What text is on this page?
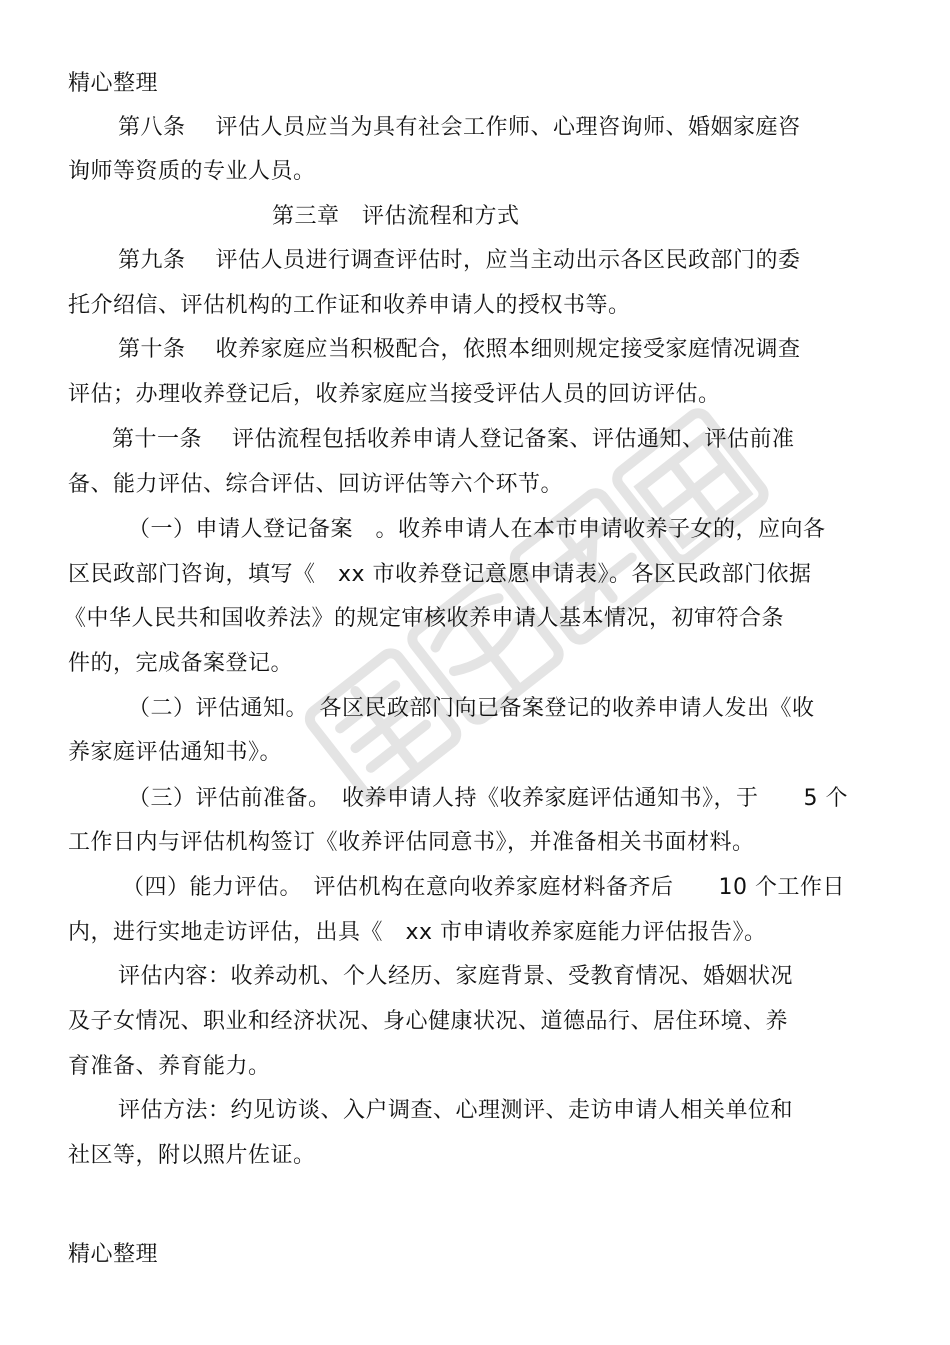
精心整理
第八条　 评估人员应当为具有社会工作师、心理咨询师、婚姻家庭咨
询师等资质的专业人员。
第三章　评估流程和方式
第九条　 评估人员进行调查评估时，应当主动出示各区民政部门的委
托介绍信、评估机构的工作证和收养申请人的授权书等。
第十条　 收养家庭应当积极配合，依照本细则规定接受家庭情况调查
评估；办理收养登记后，收养家庭应当接受评估人员的回访评估。
第十一条　 评估流程包括收养申请人登记备案、评估通知、评估前准
备、能力评估、综合评估、回访评估等六个环节。
（一）申请人登记备案　。收养申请人在本市申请收养子女的，应向各
区民政部门咨询，填写《　xx 市收养登记意愿申请表》。各区民政部门依据
《中华人民共和国收养法》的规定审核收养申请人基本情况，初审符合条
件的，完成备案登记。
（二）评估通知。　各区民政部门向已备案登记的收养申请人发出《收
养家庭评估通知书》。
（三）评估前准备。　收养申请人持《收养家庭评估通知书》，于　　5 个
工作日内与评估机构签订《收养评估同意书》，并准备相关书面材料。
（四）能力评估。　评估机构在意向收养家庭材料备齐后　　10 个工作日
内，进行实地走访评估，出具《　xx 市申请收养家庭能力评估报告》。
评估内容：收养动机、个人经历、家庭背景、受教育情况、婚姻状况
及子女情况、职业和经济状况、身心健康状况、道德品行、居住环境、养
育准备、养育能力。
评估方法：约见访谈、入户调查、心理测评、走访申请人相关单位和
社区等，附以照片佐证。
精心整理
